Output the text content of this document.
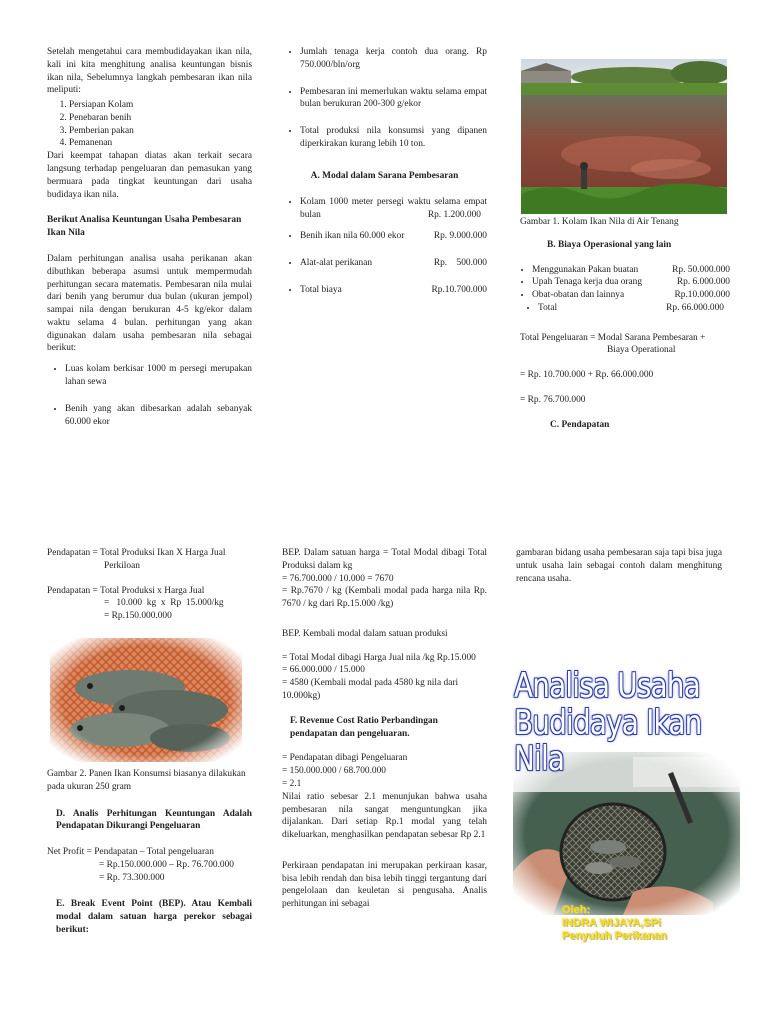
Setelah mengetahui cara membudidayakan ikan nila, kali ini kita menghitung analisa keuntungan bisnis ikan nila, Sebelumnya langkah pembesaran ikan nila meliputi:

1. Persiapan Kolam
2. Penebaran benih
3. Pemberian pakan
4. Pemanenan

Dari keempat tahapan diatas akan terkait secara langsung terhadap pengeluaran dan pemasukan yang bermuara pada tingkat keuntungan dari usaha budidaya ikan nila.

Berikut Analisa Keuntungan Usaha Pembesaran Ikan Nila

Dalam perhitungan analisa usaha perikanan akan dibuthkan beberapa asumsi untuk mempermudah perhitungan secara matematis. Pembesaran nila mulai dari benih yang berumur dua bulan (ukuran jempol) sampai nila dengan berukuran 4-5 kg/ekor dalam waktu selama 4 bulan. perhitungan yang akan digunakan dalam usaha pembesaran nila sebagai berikut:

• Luas kolam berkisar 1000 m persegi merupakan lahan sewa
• Benih yang akan dibesarkan adalah sebanyak 60.000 ekor
• Jumlah tenaga kerja contoh dua orang. Rp 750.000/bln/org
• Pembesaran ini memerlukan waktu selama empat bulan berukuran 200-300 g/ekor
• Total produksi nila konsumsi yang dipanen diperkirakan kurang lebih 10 ton.

A. Modal dalam Sarana Pembesaran

• Kolam 1000 meter persegi waktu selama empat bulan	Rp. 1.200.000
• Benih ikan nila 60.000 ekor	Rp. 9.000.000
• Alat-alat perikanan	Rp.    500.000
• Total biaya	Rp.10.700.000

Gambar 1. Kolam Ikan Nila di Air Tenang

B. Biaya Operasional yang lain

• Menggunakan Pakan buatan	Rp. 50.000.000
• Upah Tenaga kerja dua orang	Rp. 6.000.000
• Obat-obatan dan lainnya	Rp.10.000.000
• Total	Rp. 66.000.000

Total Pengeluaran = Modal Sarana Pembesaran +

Biaya Operational

= Rp. 10.700.000 + Rp. 66.000.000

= Rp. 76.700.000

C. Pendapatan

Pendapatan = Total Produksi Ikan X Harga Jual

Perkiloan

Pendapatan = Total Produksi x Harga Jual

=   10.000  kg  x  Rp  15.000/kg

= Rp.150.000.000

Gambar 2. Panen Ikan Konsumsi biasanya dilakukan pada ukuran 250 gram

D. Analis Perhitungan Keuntungan Adalah Pendapatan Dikurangi Pengeluaran

Net Profit = Pendapatan – Total pengeluaran

= Rp.150.000.000 – Rp. 76.700.000

= Rp. 73.300.000

E. Break Event Point (BEP). Atau Kembali modal dalam satuan harga perekor sebagai berikut:

BEP. Dalam satuan harga = Total Modal dibagi Total Produksi dalam kg

= 76.700.000 / 10.000 = 7670

= Rp.7670 / kg (Kembali modal pada harga nila Rp. 7670 / kg dari Rp.15.000 /kg)

BEP. Kembali modal dalam satuan produksi

= Total Modal dibagi Harga Jual nila /kg Rp.15.000

= 66.000.000 / 15.000

= 4580 (Kembali modal pada 4580 kg nila dari 10.000kg)

F. Revenue Cost Ratio Perbandingan pendapatan dan pengeluaran.

= Pendapatan dibagi Pengeluaran

= 150.000.000 / 68.700.000

= 2.1

Nilai ratio sebesar 2.1 menunjukan bahwa usaha pembesaran nila sangat menguntungkan jika dijalankan. Dari setiap Rp.1 modal yang telah dikeluarkan, menghasilkan pendapatan sebesar Rp 2.1

Perkiraan pendapatan ini merupakan perkiraan kasar, bisa lebih rendah dan bisa lebih tinggi tergantung dari pengelolaan dan keuletan si pengusaha. Analis perhitungan ini sebagai

gambaran bidang usaha pembesaran saja tapi bisa juga untuk usaha lain sebagai contoh dalam menghitung rencana usaha.

Analisa Usaha
Budidaya Ikan Nila
Oleh:
INDRA WIJAYA,SPi
Penyuluh Perikanan
